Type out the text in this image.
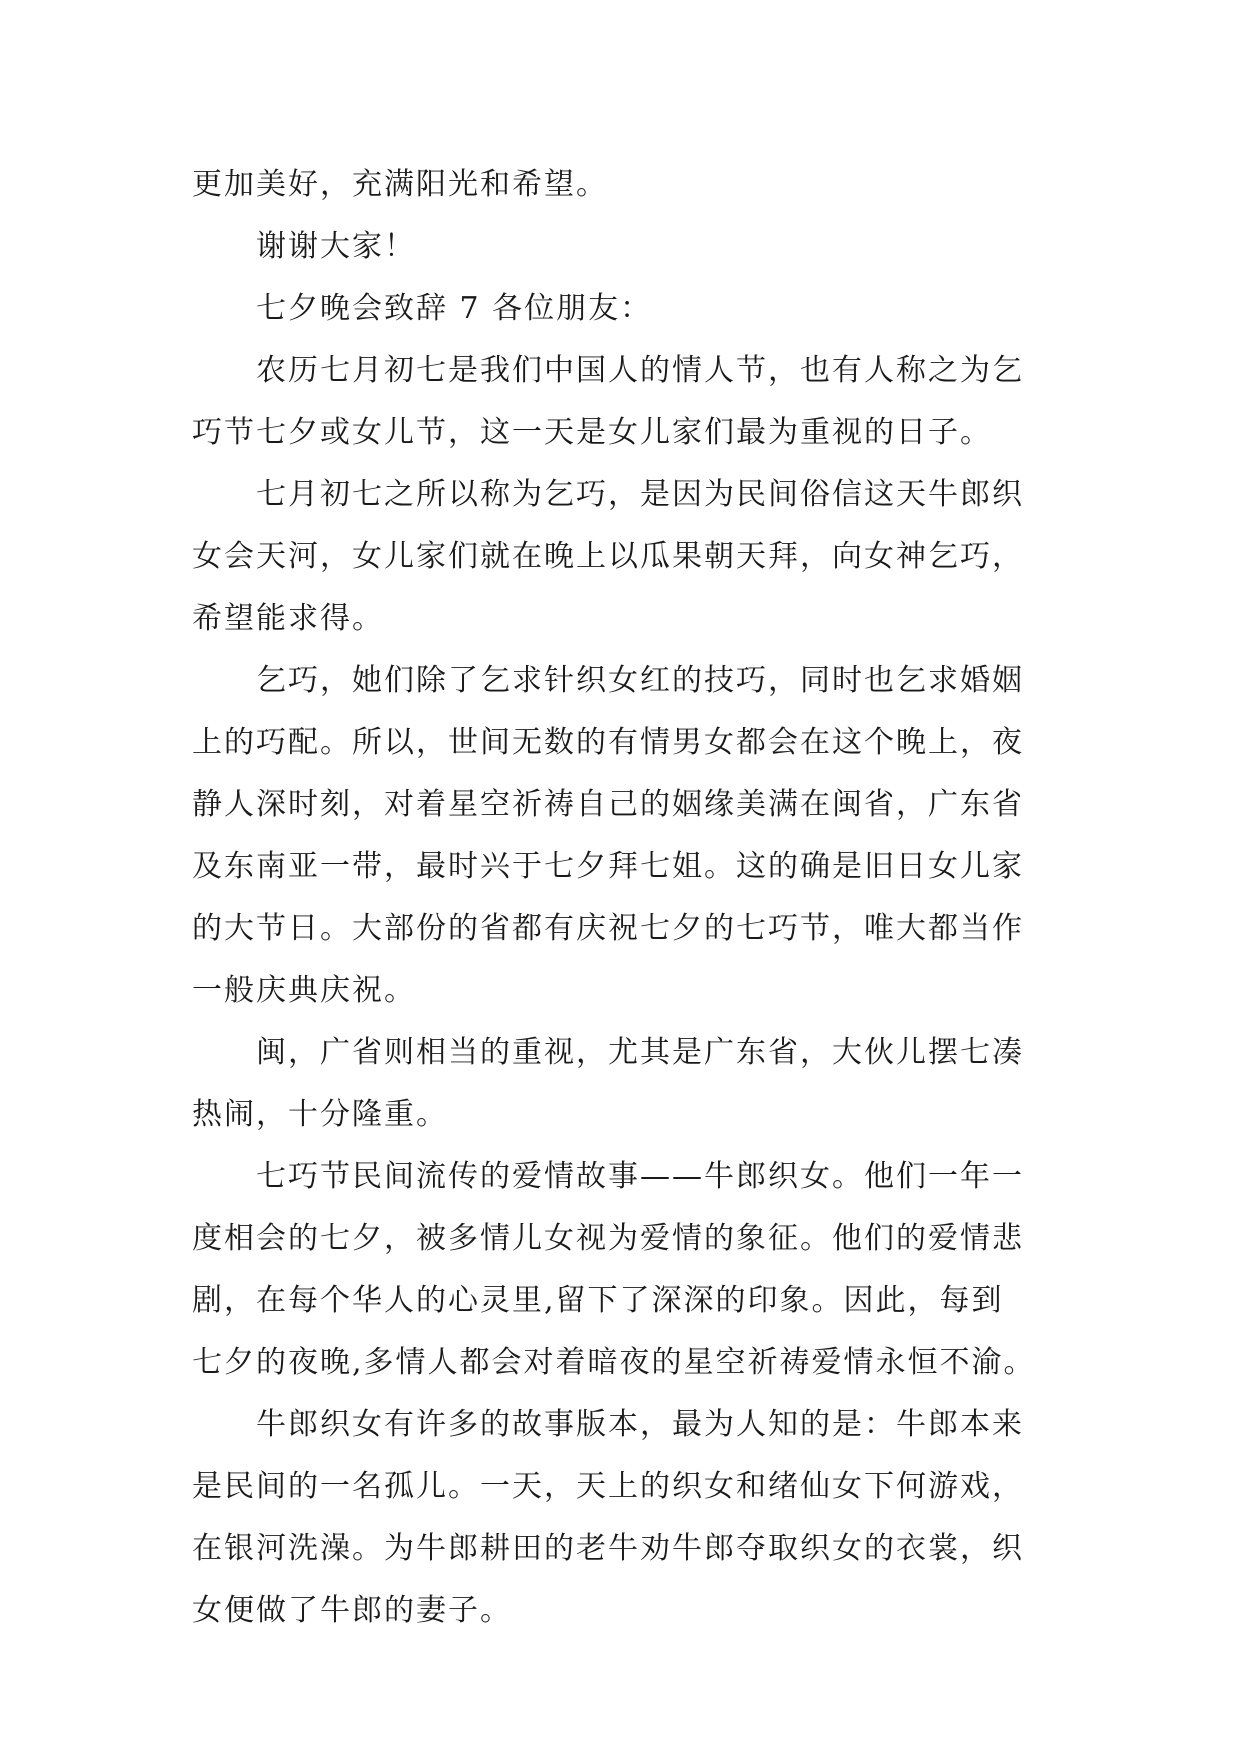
更加美好，充满阳光和希望。
谢谢大家！
七夕晚会致辞 7 各位朋友：
农历七月初七是我们中国人的情人节，也有人称之为乞
巧节七夕或女儿节，这一天是女儿家们最为重视的日子。
七月初七之所以称为乞巧，是因为民间俗信这天牛郎织
女会天河，女儿家们就在晚上以瓜果朝天拜，向女神乞巧，
希望能求得。
乞巧，她们除了乞求针织女红的技巧，同时也乞求婚姻
上的巧配。所以，世间无数的有情男女都会在这个晚上，夜
静人深时刻，对着星空祈祷自己的姻缘美满在闽省，广东省
及东南亚一带，最时兴于七夕拜七姐。这的确是旧日女儿家
的大节日。大部份的省都有庆祝七夕的七巧节，唯大都当作
一般庆典庆祝。
闽，广省则相当的重视，尤其是广东省，大伙儿摆七凑
热闹，十分隆重。
七巧节民间流传的爱情故事——牛郎织女。他们一年一
度相会的七夕，被多情儿女视为爱情的象征。他们的爱情悲
剧，在每个华人的心灵里,留下了深深的印象。因此，每到
七夕的夜晚,多情人都会对着暗夜的星空祈祷爱情永恒不渝。
牛郎织女有许多的故事版本，最为人知的是：牛郎本来
是民间的一名孤儿。一天，天上的织女和绪仙女下何游戏，
在银河洗澡。为牛郎耕田的老牛劝牛郎夺取织女的衣裳，织
女便做了牛郎的妻子。
